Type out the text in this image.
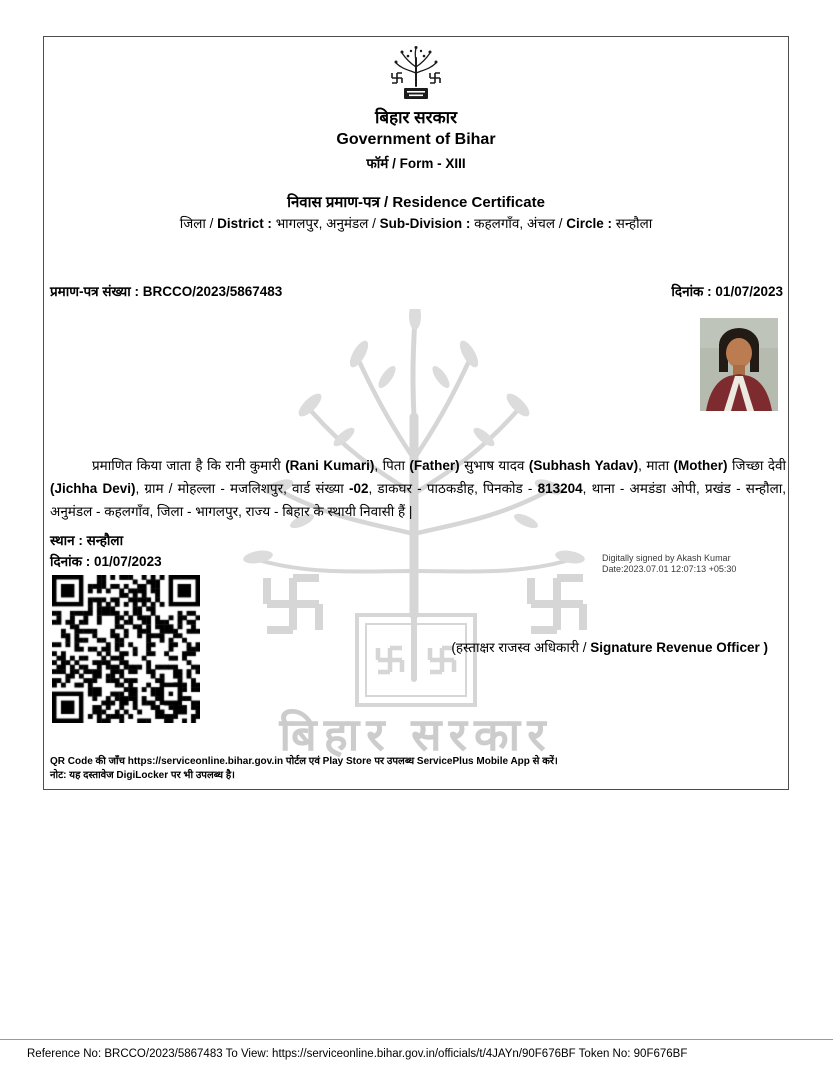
बिहार सरकार
बिहार सरकार
Government of Bihar
फॉर्म / Form - XIII
निवास प्रमाण-पत्र / Residence Certificate
जिला / District : भागलपुर, अनुमंडल / Sub-Division : कहलगाँव, अंचल / Circle : सन्हौला
प्रमाण-पत्र संख्या : BRCCO/2023/5867483	दिनांक : 01/07/2023

प्रमाणित किया जाता है कि रानी कुमारी (Rani Kumari), पिता (Father) सुभाष यादव (Subhash Yadav), माता (Mother) जिच्छा देवी (Jichha Devi), ग्राम / मोहल्ला - मजलिशपुर, वार्ड संख्या -02, डाकघर - पाठकडीह, पिनकोड - 813204, थाना - अमडंडा ओपी, प्रखंड - सन्हौला, अनुमंडल - कहलगाँव, जिला - भागलपुर, राज्य - बिहार के स्थायी निवासी हैं |

स्थान : सन्हौला
दिनांक : 01/07/2023	Digitally signed by Akash Kumar
Date:2023.07.01 12:07:13 +05:30
(हस्ताक्षर राजस्व अधिकारी / Signature Revenue Officer )
QR Code की जाँच https://serviceonline.bihar.gov.in पोर्टल एवं Play Store पर उपलब्ध ServicePlus Mobile App से करें।
नोट: यह दस्तावेज DigiLocker पर भी उपलब्ध है।
Reference No: BRCCO/2023/5867483 To View: https://serviceonline.bihar.gov.in/officials/t/4JAYn/90F676BF Token No: 90F676BF
